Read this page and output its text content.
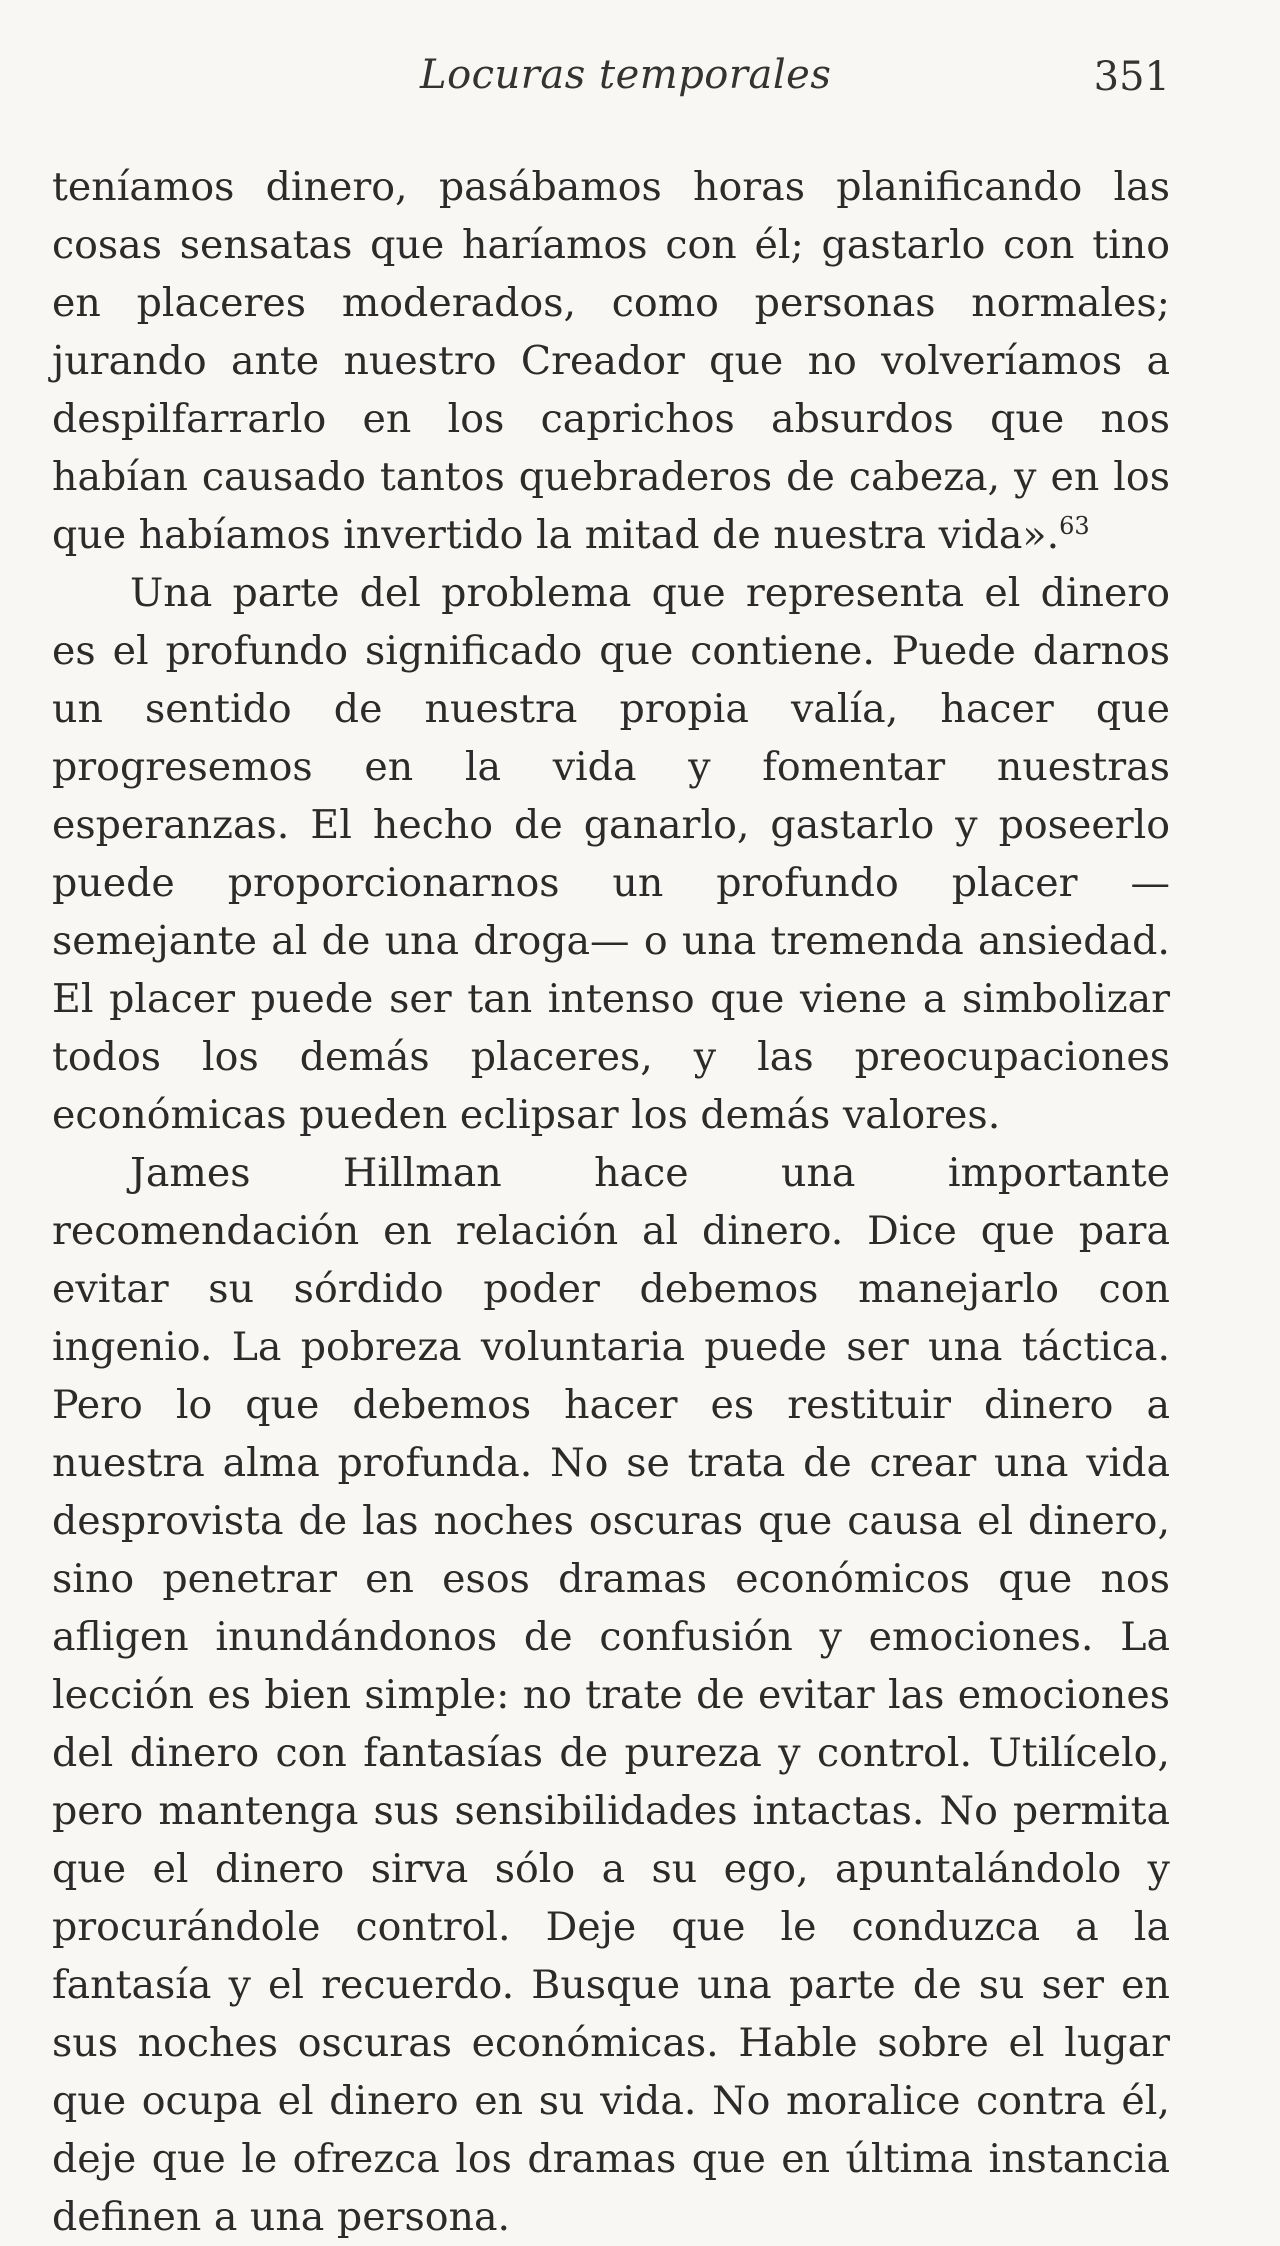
Locuras temporales	351

teníamos dinero, pasábamos horas planificando las cosas sensatas que haríamos con él; gastarlo con tino en placeres moderados, como personas normales; jurando ante nuestro Creador que no volveríamos a despilfarrarlo en los caprichos absurdos que nos habían causado tantos quebraderos de cabeza, y en los que habíamos invertido la mitad de nuestra vida».$^{63}$

Una parte del problema que representa el dinero es el profundo significado que contiene. Puede darnos un sentido de nuestra propia valía, hacer que progresemos en la vida y fomentar nuestras esperanzas. El hecho de ganarlo, gastarlo y poseerlo puede proporcionarnos un profundo placer —semejante al de una droga— o una tremenda ansiedad. El placer puede ser tan intenso que viene a simbolizar todos los demás placeres, y las preocupaciones económicas pueden eclipsar los demás valores.

James Hillman hace una importante recomendación en relación al dinero. Dice que para evitar su sórdido poder debemos manejarlo con ingenio. La pobreza voluntaria puede ser una táctica. Pero lo que debemos hacer es restituir dinero a nuestra alma profunda. No se trata de crear una vida desprovista de las noches oscuras que causa el dinero, sino penetrar en esos dramas económicos que nos afligen inundándonos de confusión y emociones. La lección es bien simple: no trate de evitar las emociones del dinero con fantasías de pureza y control. Utilícelo, pero mantenga sus sensibilidades intactas. No permita que el dinero sirva sólo a su ego, apuntalándolo y procurándole control. Deje que le conduzca a la fantasía y el recuerdo. Busque una parte de su ser en sus noches oscuras económicas. Hable sobre el lugar que ocupa el dinero en su vida. No moralice contra él, deje que le ofrezca los dramas que en última instancia definen a una persona.
